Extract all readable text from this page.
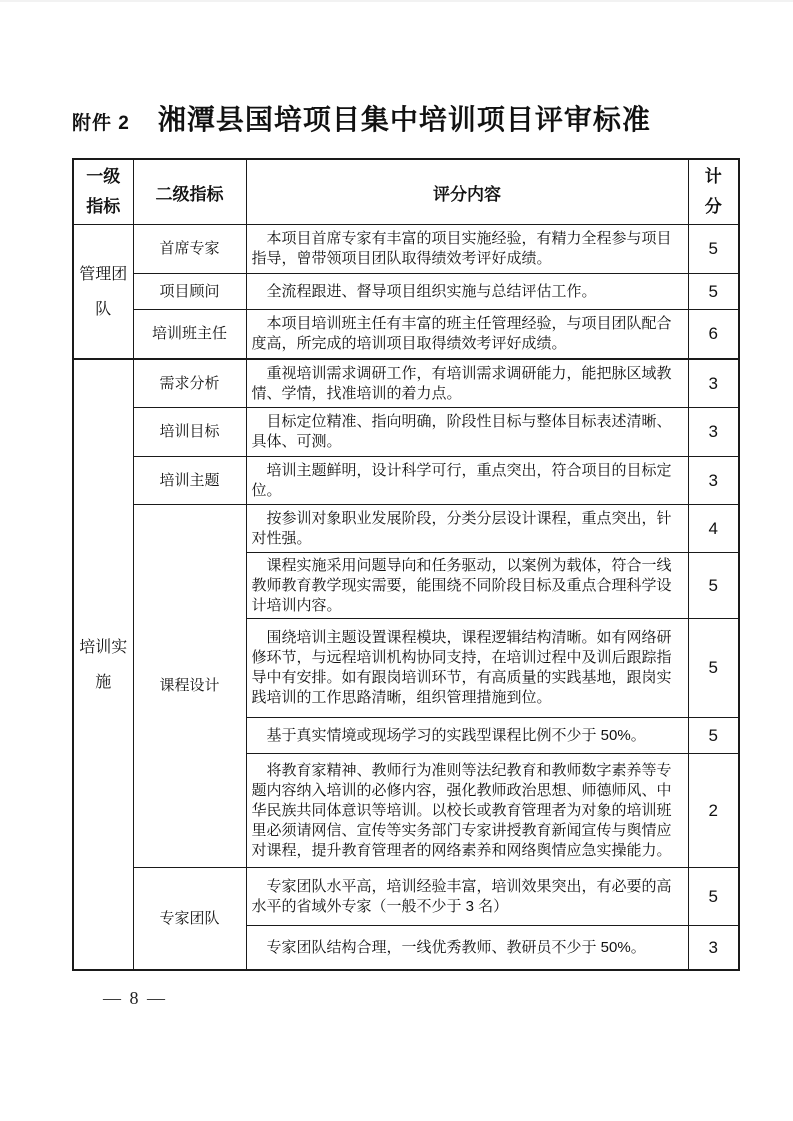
附件 2 湘潭县国培项目集中培训项目评审标准
一级指标	二级指标	评分内容	计分
管理团队	首席专家	本项目首席专家有丰富的项目实施经验，有精力全程参与项目指导，曾带领项目团队取得绩效考评好成绩。	5
	项目顾问	全流程跟进、督导项目组织实施与总结评估工作。	5
	培训班主任	本项目培训班主任有丰富的班主任管理经验，与项目团队配合度高，所完成的培训项目取得绩效考评好成绩。	6
培训实施	需求分析	重视培训需求调研工作，有培训需求调研能力，能把脉区域教情、学情，找准培训的着力点。	3
	培训目标	目标定位精准、指向明确，阶段性目标与整体目标表述清晰、具体、可测。	3
	培训主题	培训主题鲜明，设计科学可行，重点突出，符合项目的目标定位。	3
	课程设计	按参训对象职业发展阶段，分类分层设计课程，重点突出，针对性强。	4
		课程实施采用问题导向和任务驱动，以案例为载体，符合一线教师教育教学现实需要，能围绕不同阶段目标及重点合理科学设计培训内容。	5
		围绕培训主题设置课程模块，课程逻辑结构清晰。如有网络研修环节，与远程培训机构协同支持，在培训过程中及训后跟踪指导中有安排。如有跟岗培训环节，有高质量的实践基地，跟岗实践培训的工作思路清晰，组织管理措施到位。	5
		基于真实情境或现场学习的实践型课程比例不少于 50%。	5
		将教育家精神、教师行为准则等法纪教育和教师数字素养等专题内容纳入培训的必修内容，强化教师政治思想、师德师风、中华民族共同体意识等培训。以校长或教育管理者为对象的培训班里必须请网信、宣传等实务部门专家讲授教育新闻宣传与舆情应对课程，提升教育管理者的网络素养和网络舆情应急实操能力。	2
	专家团队	专家团队水平高，培训经验丰富，培训效果突出，有必要的高水平的省域外专家（一般不少于 3 名）	5
		专家团队结构合理，一线优秀教师、教研员不少于 50%。	3
— 8 —
